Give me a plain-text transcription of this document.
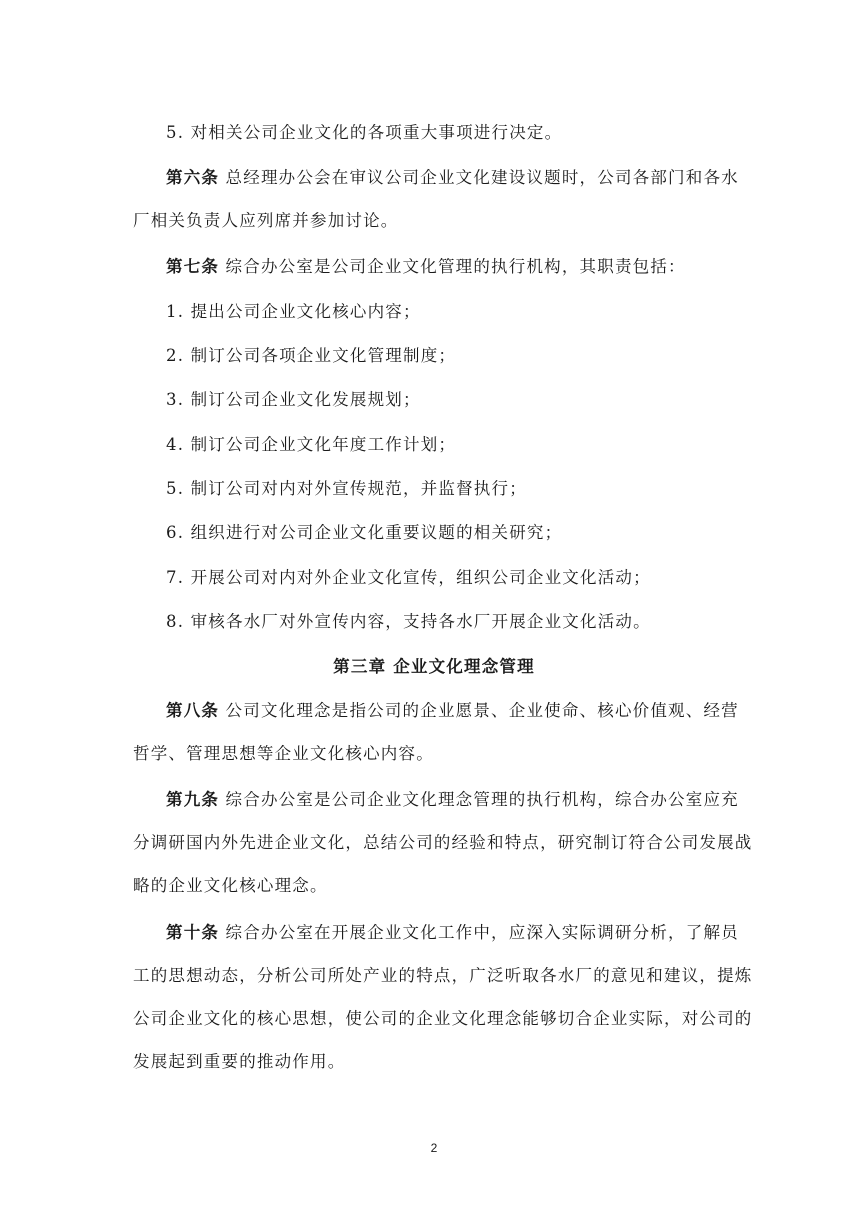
5. 对相关公司企业文化的各项重大事项进行决定。
第六条 总经理办公会在审议公司企业文化建设议题时，公司各部门和各水
厂相关负责人应列席并参加讨论。
第七条 综合办公室是公司企业文化管理的执行机构，其职责包括：
1. 提出公司企业文化核心内容；
2. 制订公司各项企业文化管理制度；
3. 制订公司企业文化发展规划；
4. 制订公司企业文化年度工作计划；
5. 制订公司对内对外宣传规范，并监督执行；
6. 组织进行对公司企业文化重要议题的相关研究；
7. 开展公司对内对外企业文化宣传，组织公司企业文化活动；
8. 审核各水厂对外宣传内容，支持各水厂开展企业文化活动。
第三章 企业文化理念管理
第八条 公司文化理念是指公司的企业愿景、企业使命、核心价值观、经营
哲学、管理思想等企业文化核心内容。
第九条 综合办公室是公司企业文化理念管理的执行机构，综合办公室应充
分调研国内外先进企业文化，总结公司的经验和特点，研究制订符合公司发展战
略的企业文化核心理念。
第十条 综合办公室在开展企业文化工作中，应深入实际调研分析，了解员
工的思想动态，分析公司所处产业的特点，广泛听取各水厂的意见和建议，提炼
公司企业文化的核心思想，使公司的企业文化理念能够切合企业实际，对公司的
发展起到重要的推动作用。
2
